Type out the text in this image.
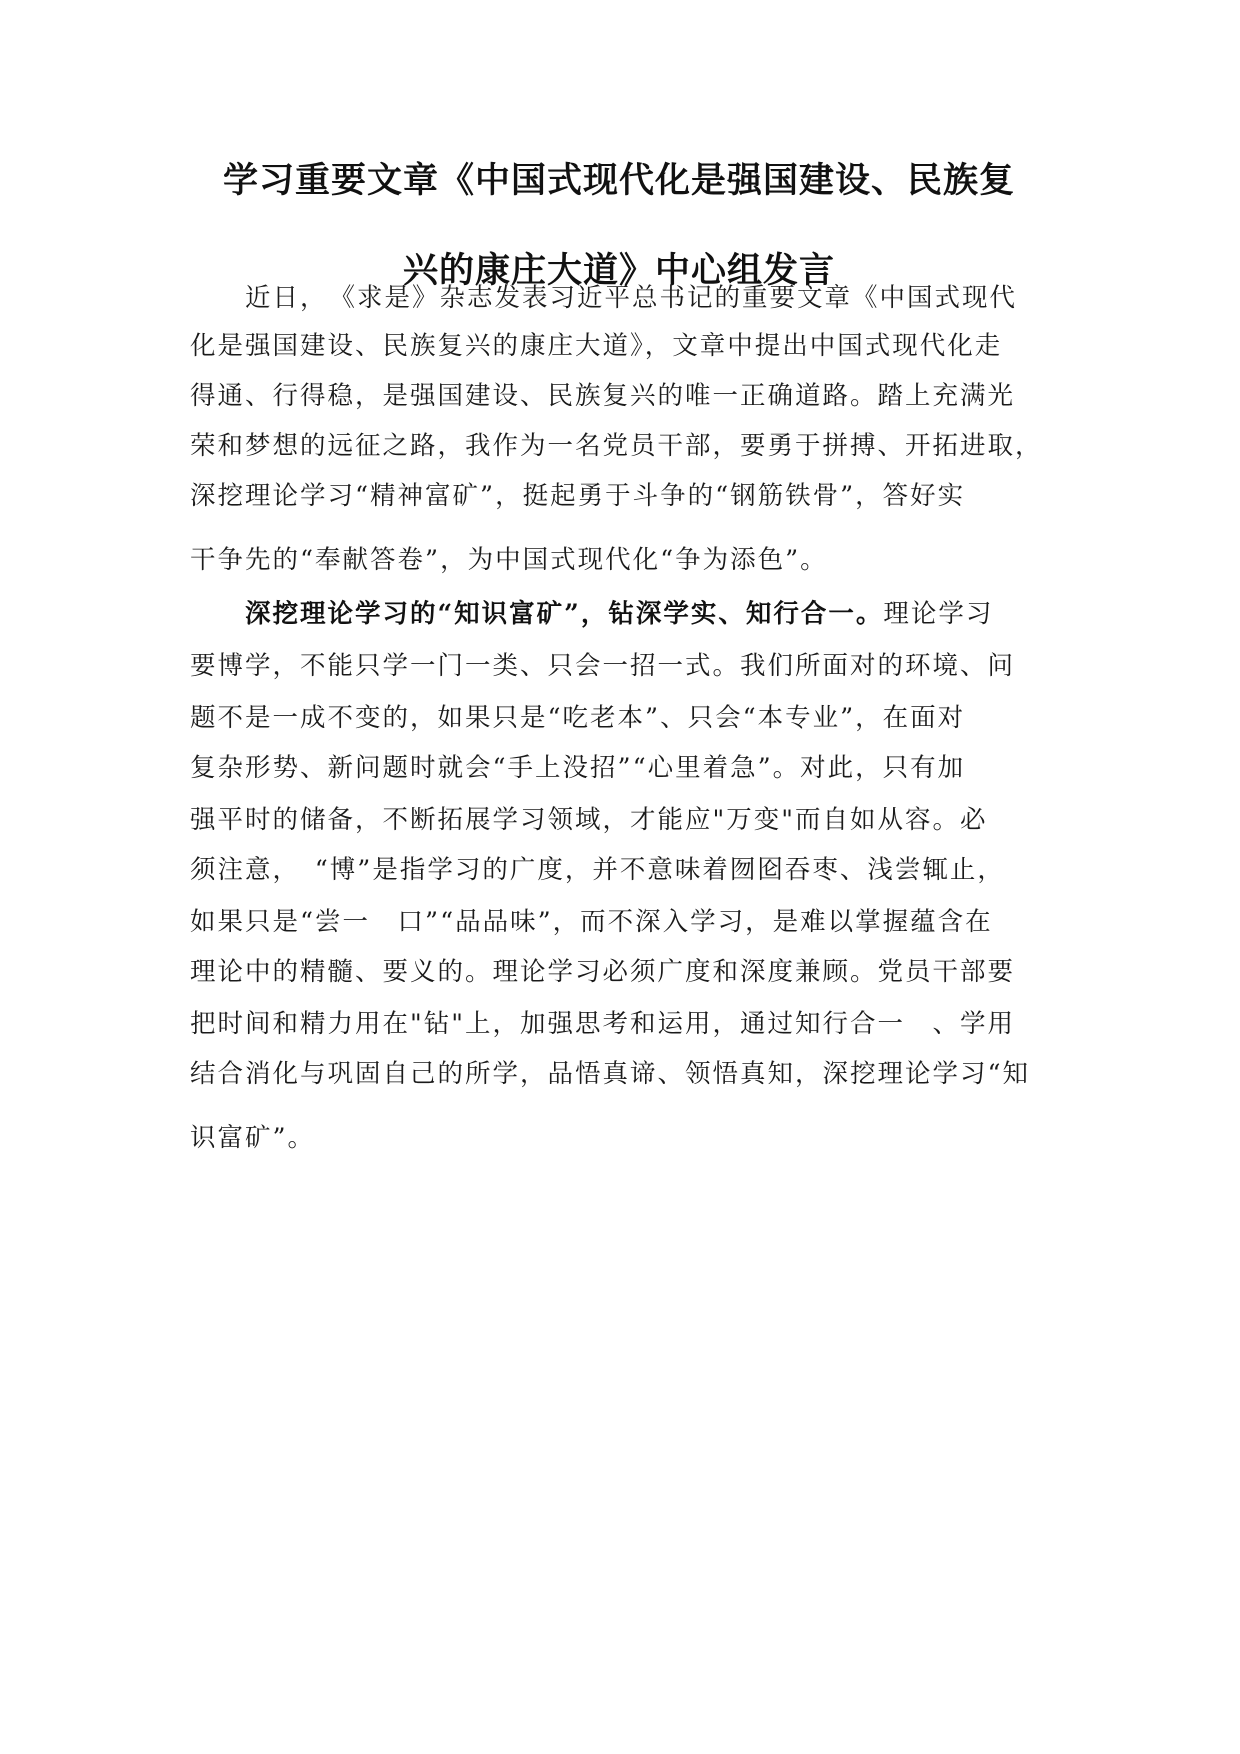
学习重要文章《中国式现代化是强国建设、民族复
兴的康庄大道》中心组发言
　　近日，　《求是》杂志发表习近平总书记的重要文章《中国式现代
化是强国建设、民族复兴的康庄大道》，文章中提出中国式现代化走
得通、行得稳，是强国建设、民族复兴的唯一正确道路。踏上充满光
荣和梦想的远征之路，我作为一名党员干部，要勇于拼搏、开拓进取，
深挖理论学习“精神富矿”，挺起勇于斗争的“钢筋铁骨”，答好实
干争先的“奉献答卷”，为中国式现代化“争为添色”。
　　深挖理论学习的“知识富矿”，钻深学实、知行合一。理论学习
要博学，不能只学一门一类、只会一招一式。我们所面对的环境、问
题不是一成不变的，如果只是“吃老本”、只会“本专业”，在面对
复杂形势、新问题时就会“手上没招”“心里着急”。对此，只有加
强平时的储备，不断拓展学习领域，才能应"万变"而自如从容。必
须注意，　“博”是指学习的广度，并不意味着囫囵吞枣、浅尝辄止，
如果只是“尝一　口”“品品味”，而不深入学习，是难以掌握蕴含在
理论中的精髓、要义的。理论学习必须广度和深度兼顾。党员干部要
把时间和精力用在"钻"上，加强思考和运用，通过知行合一　、学用
结合消化与巩固自己的所学，品悟真谛、领悟真知，深挖理论学习“知
识富矿”。
